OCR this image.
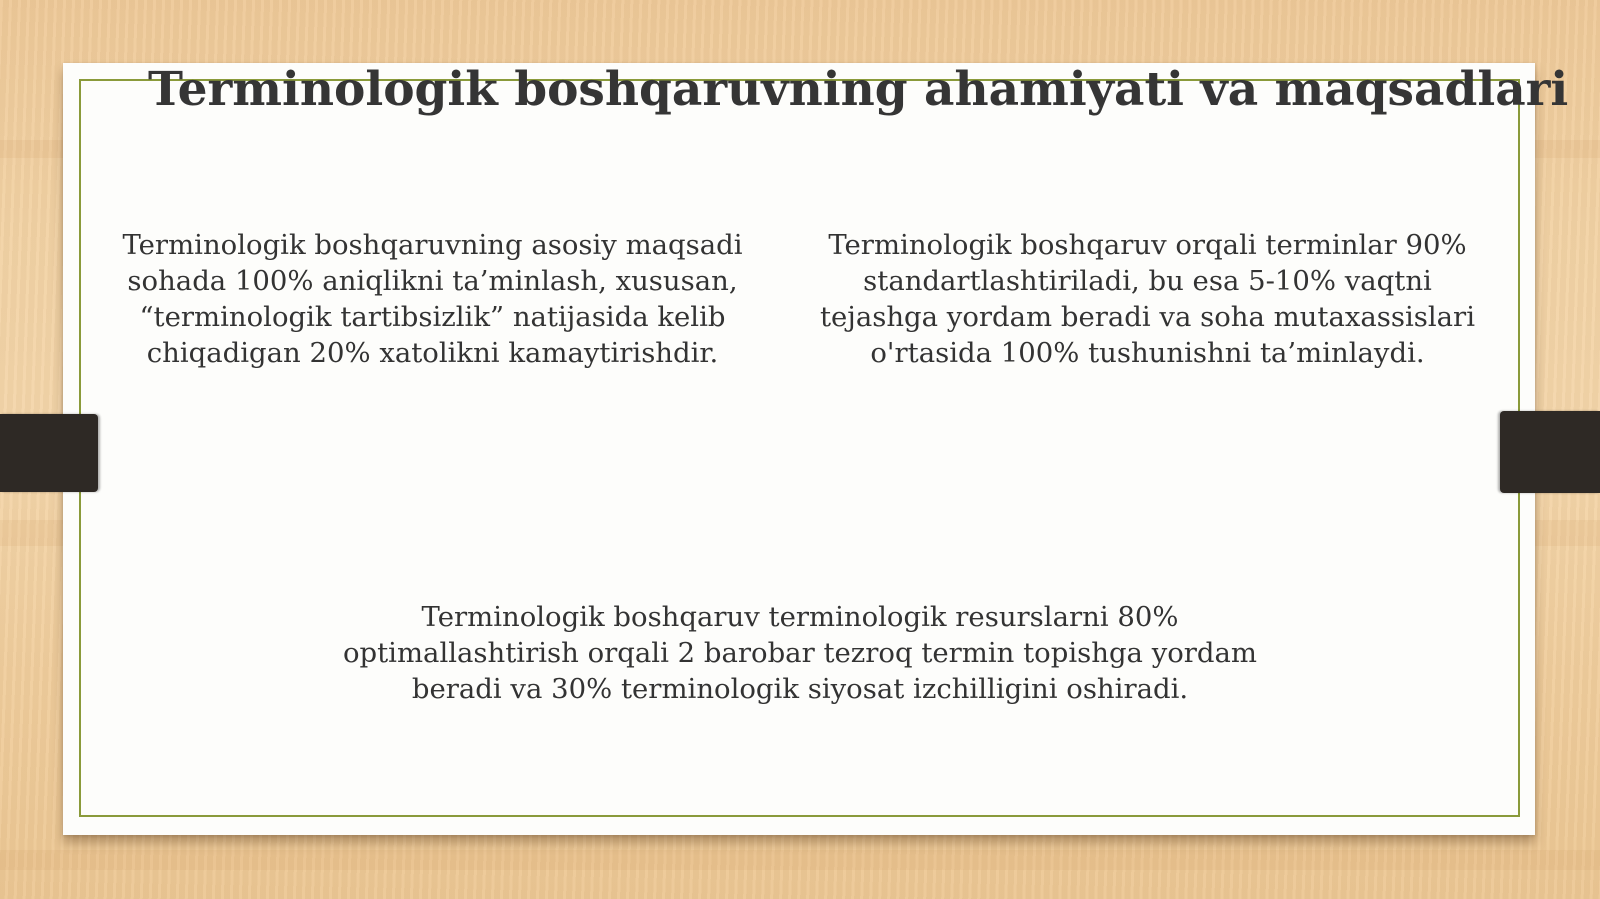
Terminologik boshqaruvning ahamiyati va maqsadlari

Terminologik boshqaruvning asosiy maqsadi sohada 100% aniqlikni ta’minlash, xususan, “terminologik tartibsizlik” natijasida kelib chiqadigan 20% xatolikni kamaytirishdir.

Terminologik boshqaruv orqali terminlar 90% standartlashtiriladi, bu esa 5-10% vaqtni tejashga yordam beradi va soha mutaxassislari o'rtasida 100% tushunishni ta’minlaydi.

Terminologik boshqaruv terminologik resurslarni 80% optimallashtirish orqali 2 barobar tezroq termin topishga yordam beradi va 30% terminologik siyosat izchilligini oshiradi.
